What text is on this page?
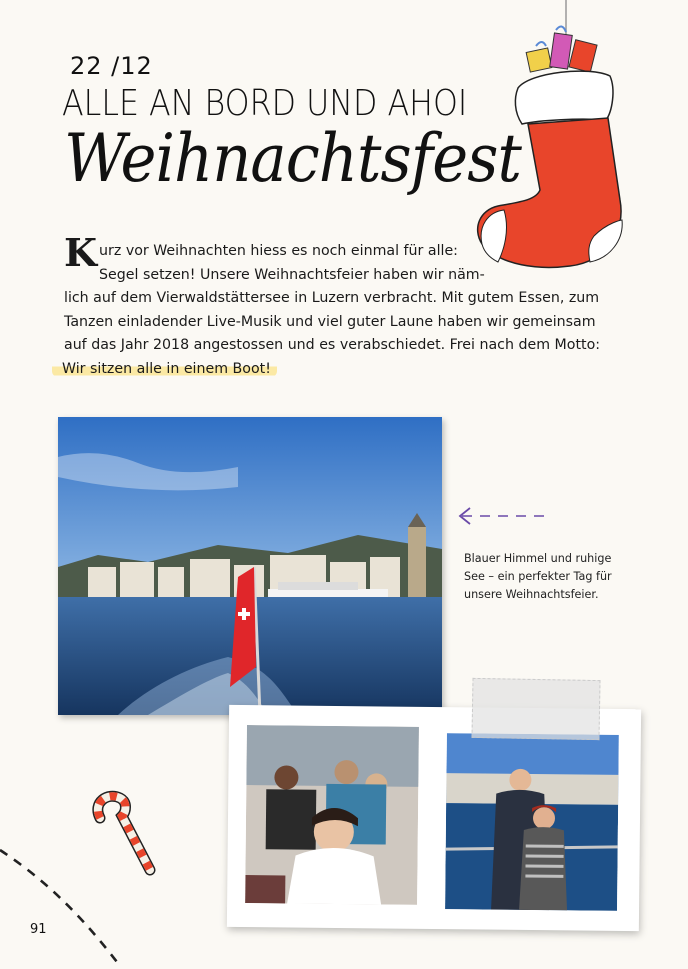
22 /12
ALLE AN BORD UND AHOI
Weihnachtsfest
K urz vor Weihnachten hiess es noch einmal für alle:
Segel setzen! Unsere Weihnachtsfeier haben wir näm-
lich auf dem Vierwaldstättersee in Luzern verbracht. Mit gutem Essen, zum
Tanzen einladender Live-Musik und viel guter Laune haben wir gemeinsam
auf das Jahr 2018 angestossen und es verabschiedet. Frei nach dem Motto:
Wir sitzen alle in einem Boot!
Blauer Himmel und ruhige
See – ein perfekter Tag für
unsere Weihnachtsfeier.
91
